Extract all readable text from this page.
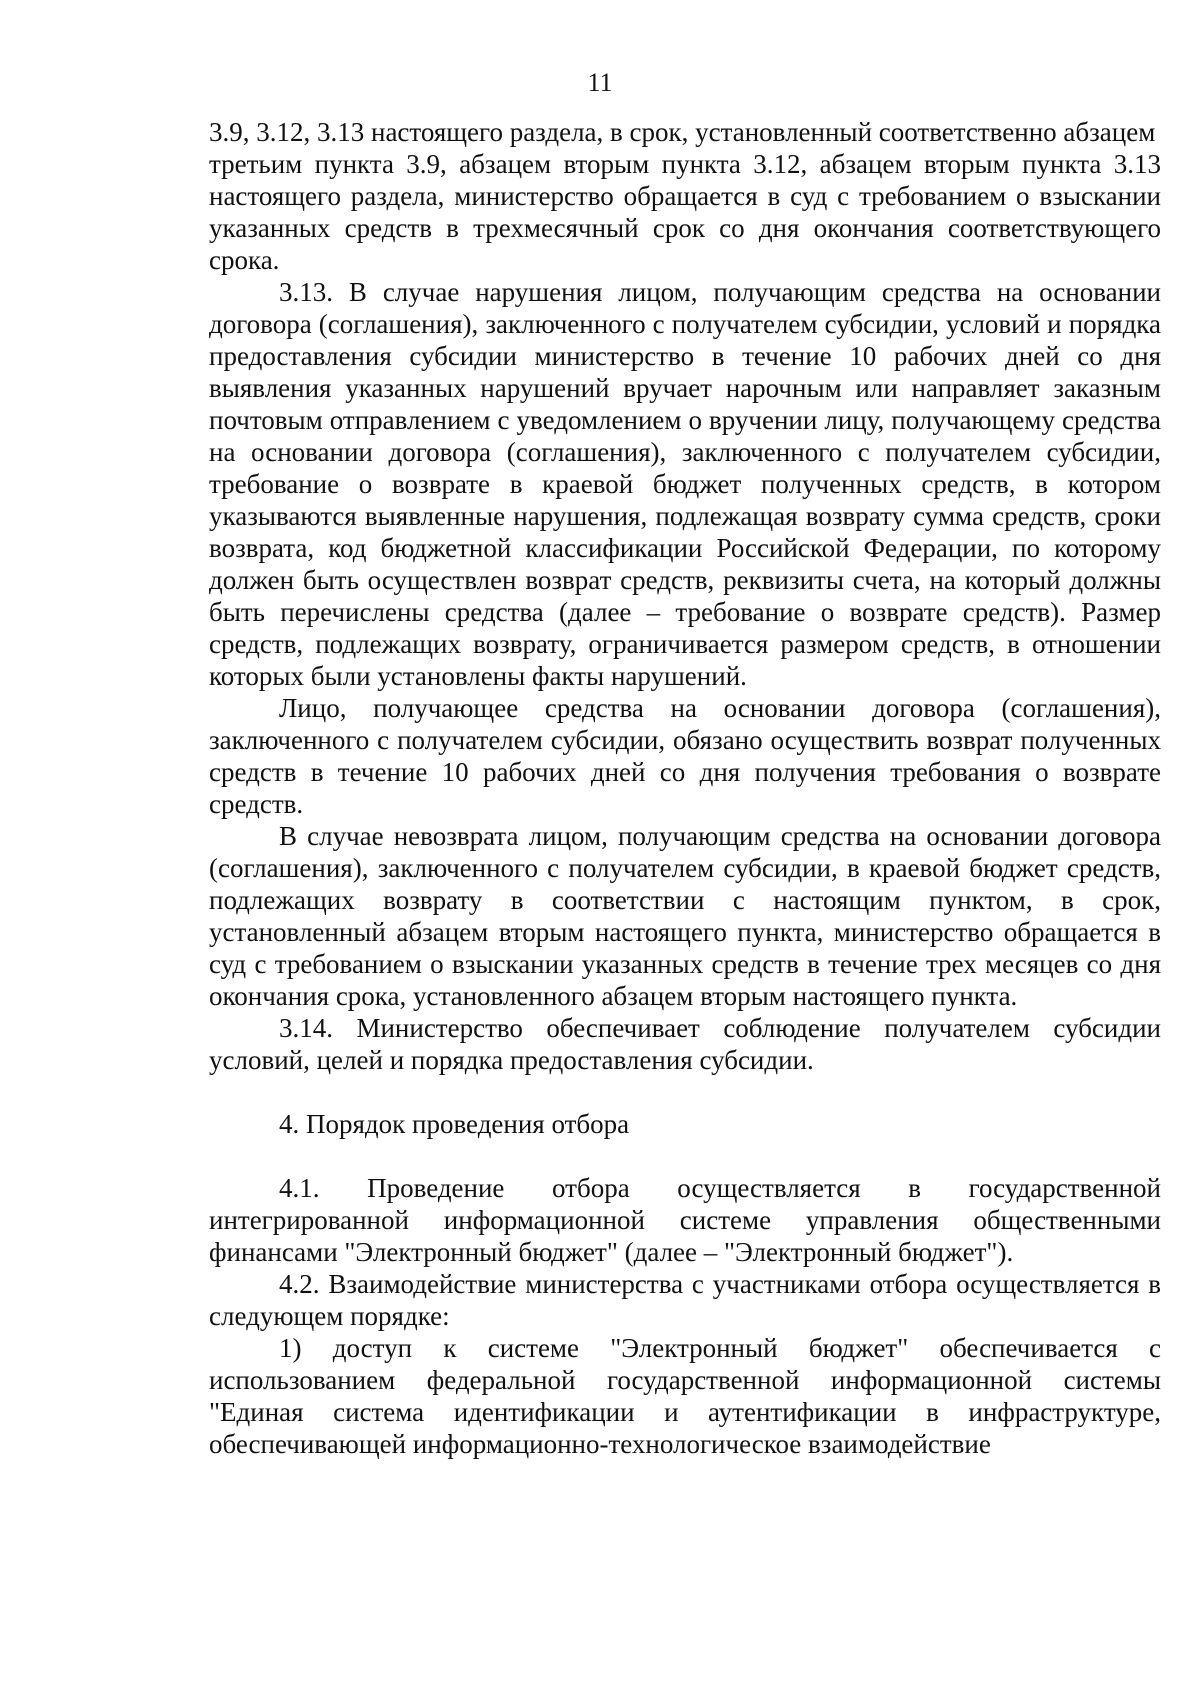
11

3.9, 3.12, 3.13 настоящего раздела, в срок, установленный соответственно абзацем

третьим пункта 3.9, абзацем вторым пункта 3.12, абзацем вторым пункта 3.13 настоящего раздела, министерство обращается в суд с требованием о взыскании указанных средств в трехмесячный срок со дня окончания соответствующего срока.

3.13. В случае нарушения лицом, получающим средства на основании договора (соглашения), заключенного с получателем субсидии, условий и порядка предоставления субсидии министерство в течение 10 рабочих дней со дня выявления указанных нарушений вручает нарочным или направляет заказным почтовым отправлением с уведомлением о вручении лицу, получающему средства на основании договора (соглашения), заключенного с получателем субсидии, требование о возврате в краевой бюджет полученных средств, в котором указываются выявленные нарушения, подлежащая возврату сумма средств, сроки возврата, код бюджетной классификации Российской Федерации, по которому должен быть осуществлен возврат средств, реквизиты счета, на который должны быть перечислены средства (далее – требование о возврате средств). Размер средств, подлежащих возврату, ограничивается размером средств, в отношении которых были установлены факты нарушений.

Лицо, получающее средства на основании договора (соглашения), заключенного с получателем субсидии, обязано осуществить возврат полученных средств в течение 10 рабочих дней со дня получения требования о возврате средств.

В случае невозврата лицом, получающим средства на основании договора (соглашения), заключенного с получателем субсидии, в краевой бюджет средств, подлежащих возврату в соответствии с настоящим пунктом, в срок, установленный абзацем вторым настоящего пункта, министерство обращается в суд с требованием о взыскании указанных средств в течение трех месяцев со дня окончания срока, установленного абзацем вторым настоящего пункта.

3.14. Министерство обеспечивает соблюдение получателем субсидии условий, целей и порядка предоставления субсидии.

4. Порядок проведения отбора

4.1. Проведение отбора осуществляется в государственной интегрированной информационной системе управления общественными финансами "Электронный бюджет" (далее – "Электронный бюджет").

4.2. Взаимодействие министерства с участниками отбора осуществляется в следующем порядке:

1) доступ к системе "Электронный бюджет" обеспечивается с использованием федеральной государственной информационной системы "Единая система идентификации и аутентификации в инфраструктуре, обеспечивающей информационно-технологическое взаимодействие
